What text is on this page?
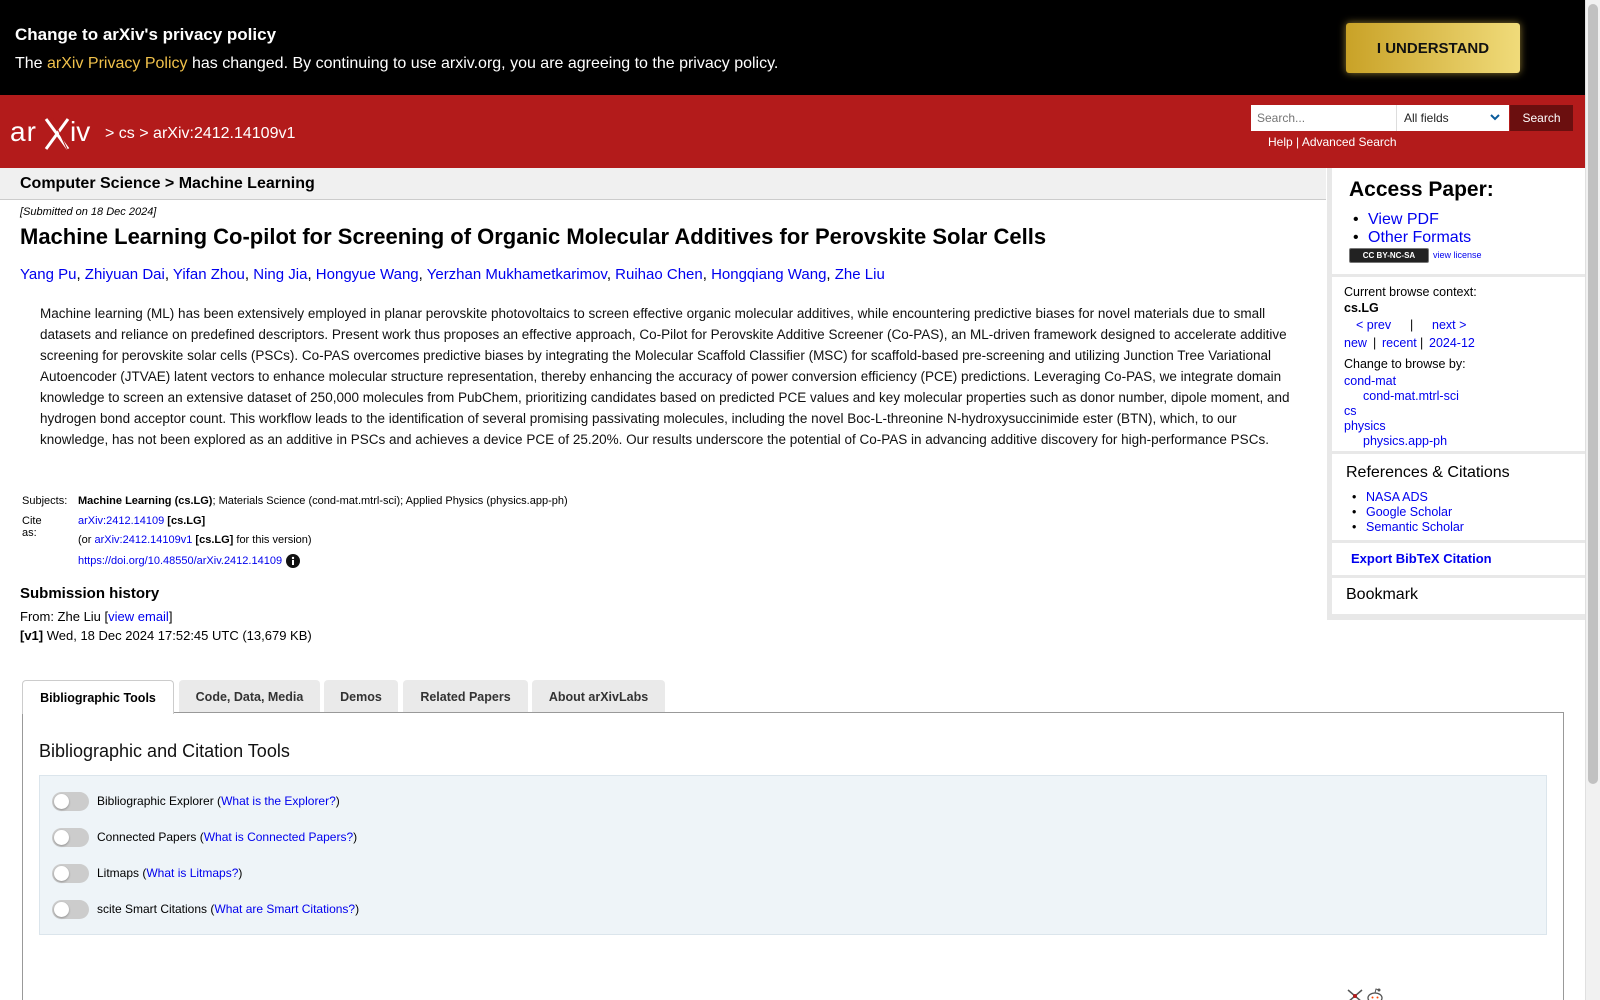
Change to arXiv's privacy policy
The arXiv Privacy Policy has changed. By continuing to use arxiv.org, you are agreeing to the privacy policy.
I UNDERSTAND
ar iv > cs > arXiv:2412.14109v1
Search...
All fields	Search
Help | Advanced Search
Computer Science > Machine Learning
[Submitted on 18 Dec 2024]
Machine Learning Co-pilot for Screening of Organic Molecular Additives for Perovskite Solar Cells
Yang Pu, Zhiyuan Dai, Yifan Zhou, Ning Jia, Hongyue Wang, Yerzhan Mukhametkarimov, Ruihao Chen, Hongqiang Wang, Zhe Liu
Machine learning (ML) has been extensively employed in planar perovskite photovoltaics to screen effective organic molecular additives, while encountering predictive biases for novel materials due to small datasets and reliance on predefined descriptors. Present work thus proposes an effective approach, Co-Pilot for Perovskite Additive Screener (Co-PAS), an ML-driven framework designed to accelerate additive screening for perovskite solar cells (PSCs). Co-PAS overcomes predictive biases by integrating the Molecular Scaffold Classifier (MSC) for scaffold-based pre-screening and utilizing Junction Tree Variational Autoencoder (JTVAE) latent vectors to enhance molecular structure representation, thereby enhancing the accuracy of power conversion efficiency (PCE) predictions. Leveraging Co-PAS, we integrate domain knowledge to screen an extensive dataset of 250,000 molecules from PubChem, prioritizing candidates based on predicted PCE values and key molecular properties such as donor number, dipole moment, and hydrogen bond acceptor count. This workflow leads to the identification of several promising passivating molecules, including the novel Boc-L-threonine N-hydroxysuccinimide ester (BTN), which, to our knowledge, has not been explored as an additive in PSCs and achieves a device PCE of 25.20%. Our results underscore the potential of Co-PAS in advancing additive discovery for high-performance PSCs.
Subjects: Machine Learning (cs.LG); Materials Science (cond-mat.mtrl-sci); Applied Physics (physics.app-ph)
Cite as:
arXiv:2412.14109 [cs.LG]
(or arXiv:2412.14109v1 [cs.LG] for this version)
https://doi.org/10.48550/arXiv.2412.14109
Submission history
From: Zhe Liu [view email]
[v1] Wed, 18 Dec 2024 17:52:45 UTC (13,679 KB)
Bibliographic Tools	Code, Data, Media	Demos	Related Papers	About arXivLabs
Bibliographic and Citation Tools
Bibliographic Explorer (What is the Explorer?)
Connected Papers (What is Connected Papers?)
Litmaps (What is Litmaps?)
scite Smart Citations (What are Smart Citations?)
Access Paper:
• View PDF
• Other Formats
CC BY-NC-SA	view license
Current browse context:
cs.LG
< prev | next >
new | recent | 2024-12
Change to browse by:
cond-mat
cond-mat.mtrl-sci
cs
physics
physics.app-ph
References & Citations
• NASA ADS
• Google Scholar
• Semantic Scholar
Export BibTeX Citation
Bookmark
